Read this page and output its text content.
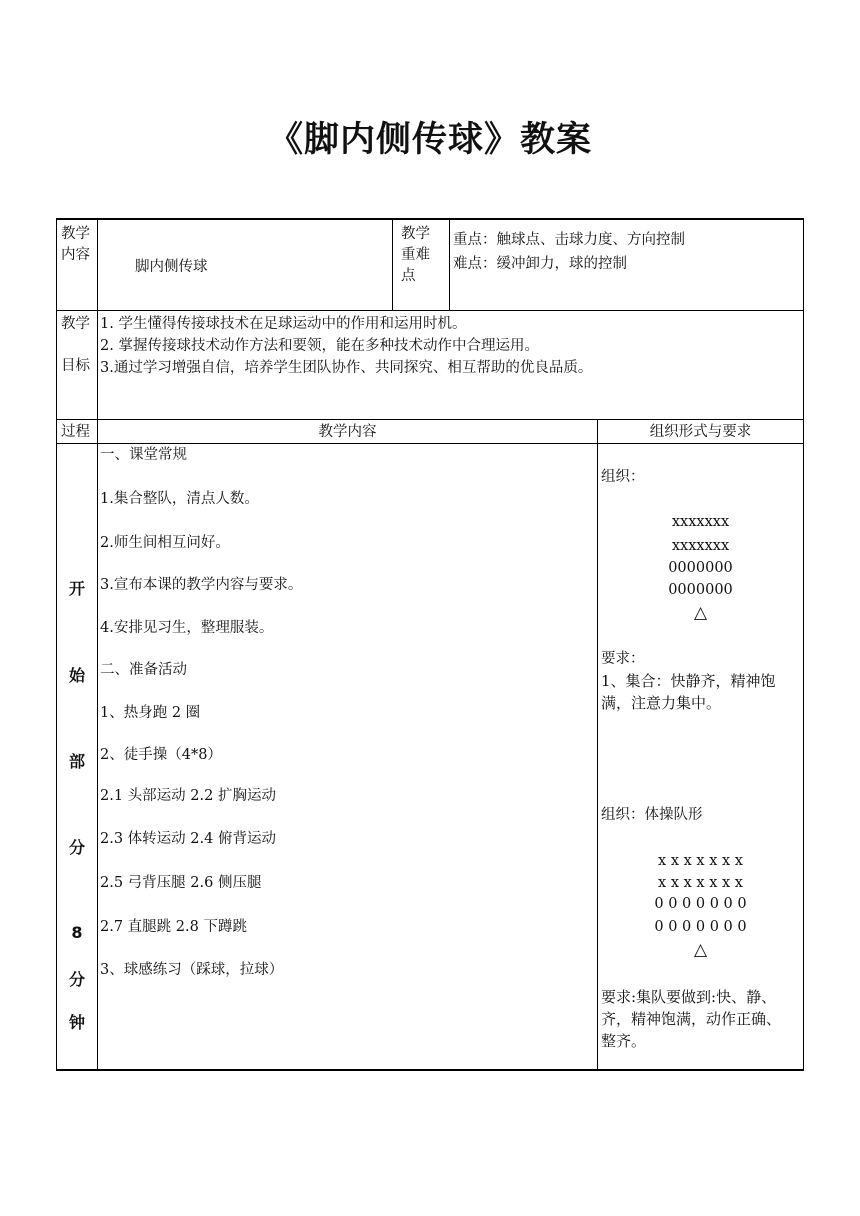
《脚内侧传球》教案
教学
内容
脚内侧传球
教学
重难
点
重点：触球点、击球力度、方向控制
难点：缓冲卸力，球的控制
教学
目标
1. 学生懂得传接球技术在足球运动中的作用和运用时机。
2. 掌握传接球技术动作方法和要领，能在多种技术动作中合理运用。
3.通过学习增强自信，培养学生团队协作、共同探究、相互帮助的优良品质。
过程	教学内容	组织形式与要求
开
始
部
分
8
分
钟
一、课堂常规
1.集合整队，清点人数。
2.师生间相互问好。
3.宣布本课的教学内容与要求。
4.安排见习生，整理服装。
二、准备活动
1、热身跑 2 圈
2、徒手操（4*8）
2.1 头部运动 2.2 扩胸运动
2.3 体转运动 2.4 俯背运动
2.5 弓背压腿 2.6 侧压腿
2.7 直腿跳 2.8 下蹲跳
3、球感练习（踩球，拉球）
组织：
xxxxxxx
xxxxxxx
0000000
0000000
△
要求：
1、集合：快静齐，精神饱
满，注意力集中。
组织：体操队形
x x x x x x x
x x x x x x x
0 0 0 0 0 0 0
0 0 0 0 0 0 0
△
要求:集队要做到:快、静、
齐，精神饱满，动作正确、
整齐。
